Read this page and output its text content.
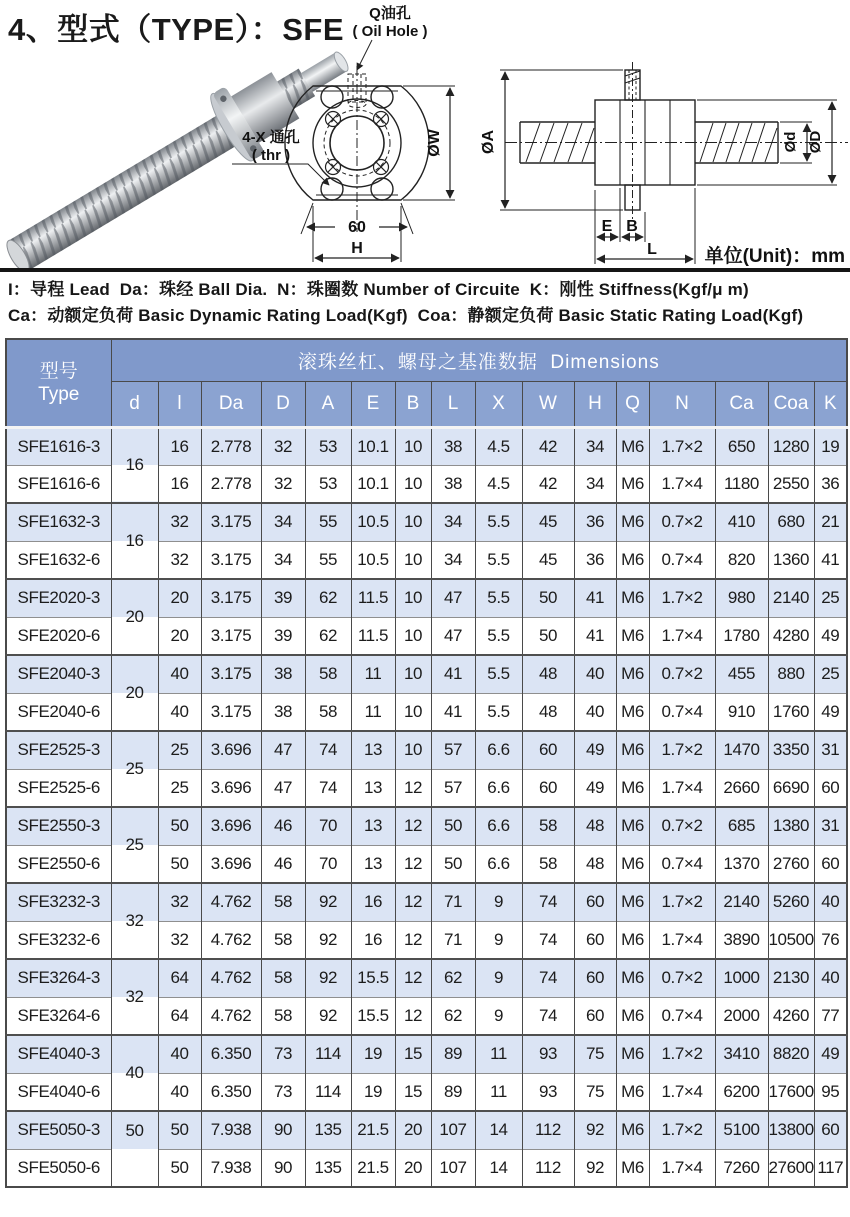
4、型式（TYPE）：SFE Q油孔
( Oil Hole )
4-X 通孔
( thr )
60
H
ØW ØA	Ød ØD
E B
L	单位(Unit)：mm
I：导程 Lead  Da：珠经 Ball Dia.  N：珠圈数 Number of Circuite  K：刚性 Stiffness(Kgf/μ m)
Ca：动额定负荷 Basic Dynamic Rating Load(Kgf)  Coa：静额定负荷 Basic Static Rating Load(Kgf)
型号
Type	滚珠丝杠、螺母之基准数据  Dimensions															
	d	l	Da	D	A	E	B	L	X	W	H	Q	N	Ca	Coa	K
SFE1616-3	16	16	2.778	32	53	10.1	10	38	4.5	42	34	M6	1.7×2	650	1280	19
SFE1616-6		16	2.778	32	53	10.1	10	38	4.5	42	34	M6	1.7×4	1180	2550	36
SFE1632-3	16	32	3.175	34	55	10.5	10	34	5.5	45	36	M6	0.7×2	410	680	21
SFE1632-6		32	3.175	34	55	10.5	10	34	5.5	45	36	M6	0.7×4	820	1360	41
SFE2020-3	20	20	3.175	39	62	11.5	10	47	5.5	50	41	M6	1.7×2	980	2140	25
SFE2020-6		20	3.175	39	62	11.5	10	47	5.5	50	41	M6	1.7×4	1780	4280	49
SFE2040-3	20	40	3.175	38	58	11	10	41	5.5	48	40	M6	0.7×2	455	880	25
SFE2040-6		40	3.175	38	58	11	10	41	5.5	48	40	M6	0.7×4	910	1760	49
SFE2525-3	25	25	3.696	47	74	13	10	57	6.6	60	49	M6	1.7×2	1470	3350	31
SFE2525-6		25	3.696	47	74	13	12	57	6.6	60	49	M6	1.7×4	2660	6690	60
SFE2550-3	25	50	3.696	46	70	13	12	50	6.6	58	48	M6	0.7×2	685	1380	31
SFE2550-6		50	3.696	46	70	13	12	50	6.6	58	48	M6	0.7×4	1370	2760	60
SFE3232-3	32	32	4.762	58	92	16	12	71	9	74	60	M6	1.7×2	2140	5260	40
SFE3232-6		32	4.762	58	92	16	12	71	9	74	60	M6	1.7×4	3890	10500	76
SFE3264-3	32	64	4.762	58	92	15.5	12	62	9	74	60	M6	0.7×2	1000	2130	40
SFE3264-6		64	4.762	58	92	15.5	12	62	9	74	60	M6	0.7×4	2000	4260	77
SFE4040-3	40	40	6.350	73	114	19	15	89	11	93	75	M6	1.7×2	3410	8820	49
SFE4040-6		40	6.350	73	114	19	15	89	11	93	75	M6	1.7×4	6200	17600	95
SFE5050-3	50	50	7.938	90	135	21.5	20	107	14	112	92	M6	1.7×2	5100	13800	60
SFE5050-6		50	7.938	90	135	21.5	20	107	14	112	92	M6	1.7×4	7260	27600	117
